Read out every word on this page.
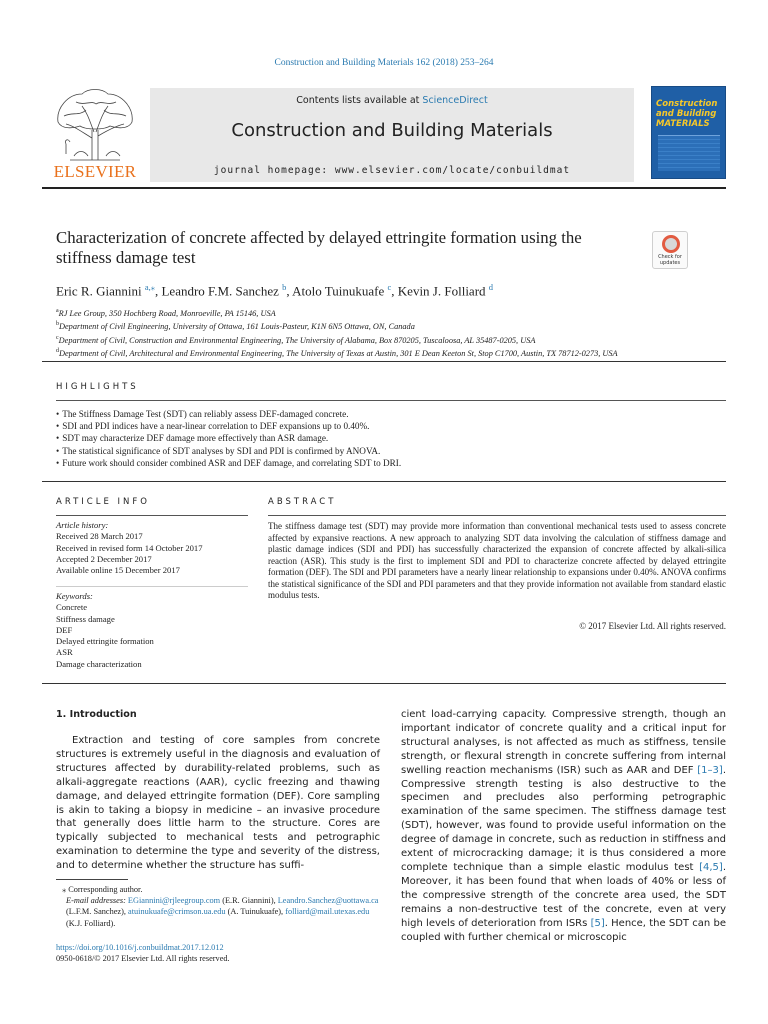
Construction and Building Materials 162 (2018) 253–264
ELSEVIER
Contents lists available at ScienceDirect
Construction and Building Materials
journal homepage: www.elsevier.com/locate/conbuildmat
Construction
and Building
MATERIALS
Characterization of concrete affected by delayed ettringite formation using the stiffness damage test	Check for
updates
Eric R. Giannini $^{a,⁎}$, Leandro F.M. Sanchez $^b$, Atolo Tuinukuafe $^c$, Kevin J. Folliard $^d$
$^a$RJ Lee Group, 350 Hochberg Road, Monroeville, PA 15146, USA
$^b$Department of Civil Engineering, University of Ottawa, 161 Louis-Pasteur, K1N 6N5 Ottawa, ON, Canada
$^c$Department of Civil, Construction and Environmental Engineering, The University of Alabama, Box 870205, Tuscaloosa, AL 35487-0205, USA
$^d$Department of Civil, Architectural and Environmental Engineering, The University of Texas at Austin, 301 E Dean Keeton St, Stop C1700, Austin, TX 78712-0273, USA
HIGHLIGHTS
• The Stiffness Damage Test (SDT) can reliably assess DEF-damaged concrete.
• SDI and PDI indices have a near-linear correlation to DEF expansions up to 0.40%.
• SDT may characterize DEF damage more effectively than ASR damage.
• The statistical significance of SDT analyses by SDI and PDI is confirmed by ANOVA.
• Future work should consider combined ASR and DEF damage, and correlating SDT to DRI.
ARTICLE INFO	ABSTRACT
Article history:
Received 28 March 2017
Received in revised form 14 October 2017
Accepted 2 December 2017
Available online 15 December 2017
Keywords:
Concrete
Stiffness damage
DEF
Delayed ettringite formation
ASR
Damage characterization
The stiffness damage test (SDT) may provide more information than conventional mechanical tests used to assess concrete affected by expansive reactions. A new approach to analyzing SDT data involving the calculation of stiffness damage and plastic damage indices (SDI and PDI) has successfully characterized the expansion of concrete affected by alkali-silica reaction (ASR). This study is the first to implement SDI and PDI to characterize concrete affected by delayed ettringite formation (DEF). The SDI and PDI parameters have a nearly linear relationship to expansions under 0.40%. ANOVA confirms the statistical significance of the SDI and PDI parameters and that they provide information not available from standard elastic modulus tests.
© 2017 Elsevier Ltd. All rights reserved.
1. Introduction
Extraction and testing of core samples from concrete structures is extremely useful in the diagnosis and evaluation of structures affected by durability-related problems, such as alkali-aggregate reactions (AAR), cyclic freezing and thawing damage, and delayed ettringite formation (DEF). Core sampling is akin to taking a biopsy in medicine – an invasive procedure that generally does little harm to the structure. Cores are typically subjected to mechanical tests and petrographic examination to determine the type and severity of the distress, and to determine whether the structure has suffi-
cient load-carrying capacity. Compressive strength, though an important indicator of concrete quality and a critical input for structural analyses, is not affected as much as stiffness, tensile strength, or flexural strength in concrete suffering from internal swelling reaction mechanisms (ISR) such as AAR and DEF [1–3]. Compressive strength testing is also destructive to the specimen and precludes also performing petrographic examination of the same specimen. The stiffness damage test (SDT), however, was found to provide useful information on the degree of damage in concrete, such as reduction in stiffness and extent of microcracking damage; it is thus considered a more complete technique than a simple elastic modulus test [4,5]. Moreover, it has been found that when loads of 40% or less of the compressive strength of the concrete area used, the SDT remains a non-destructive test of the concrete, even at very high levels of deterioration from ISRs [5]. Hence, the SDT can be coupled with further chemical or microscopic
⁎ Corresponding author.
E-mail addresses: EGiannini@rjleegroup.com (E.R. Giannini), Leandro.Sanchez@uottawa.ca (L.F.M. Sanchez), atuinukuafe@crimson.ua.edu (A. Tuinukuafe), folliard@mail.utexas.edu (K.J. Folliard).
https://doi.org/10.1016/j.conbuildmat.2017.12.012
0950-0618/© 2017 Elsevier Ltd. All rights reserved.
